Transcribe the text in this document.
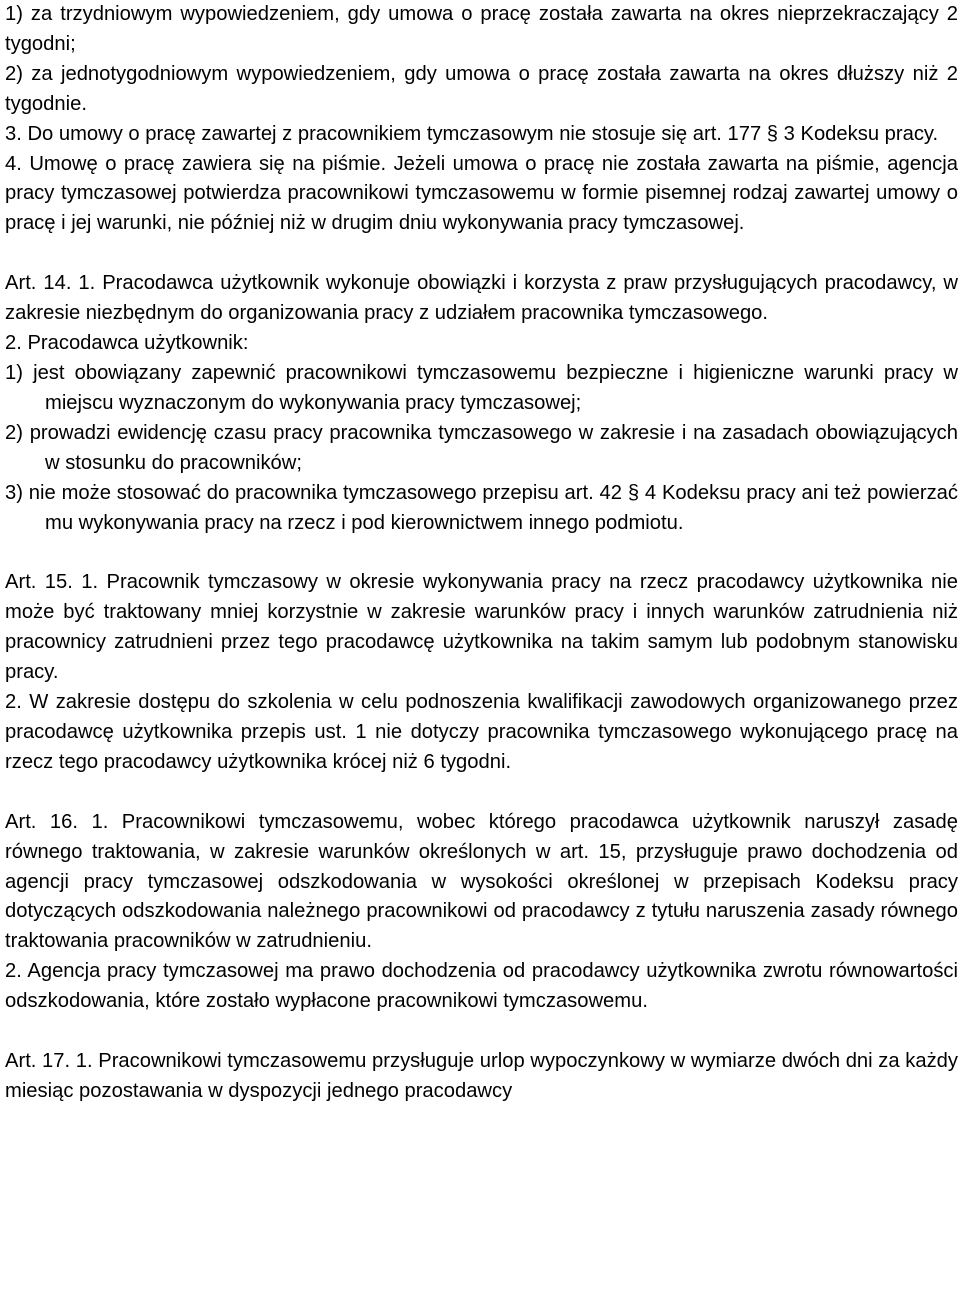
1) za trzydniowym wypowiedzeniem, gdy umowa o pracę została zawarta na okres nieprzekraczający 2 tygodni;

2) za jednotygodniowym wypowiedzeniem, gdy umowa o pracę została zawarta na okres dłuższy niż 2 tygodnie.

3. Do umowy o pracę zawartej z pracownikiem tymczasowym nie stosuje się art. 177 § 3 Kodeksu pracy.

4. Umowę o pracę zawiera się na piśmie. Jeżeli umowa o pracę nie została zawarta na piśmie, agencja pracy tymczasowej potwierdza pracownikowi tymczasowemu w formie pisemnej rodzaj zawartej umowy o pracę i jej warunki, nie później niż w drugim dniu wykonywania pracy tymczasowej.

Art. 14. 1. Pracodawca użytkownik wykonuje obowiązki i korzysta z praw przysługujących pracodawcy, w zakresie niezbędnym do organizowania pracy z udziałem pracownika tymczasowego.

2. Pracodawca użytkownik:

1) jest obowiązany zapewnić pracownikowi tymczasowemu bezpieczne i higieniczne warunki pracy w miejscu wyznaczonym do wykonywania pracy tymczasowej;

2) prowadzi ewidencję czasu pracy pracownika tymczasowego w zakresie i na zasadach obowiązujących w stosunku do pracowników;

3) nie może stosować do pracownika tymczasowego przepisu art. 42 § 4 Kodeksu pracy ani też powierzać mu wykonywania pracy na rzecz i pod kierownictwem innego podmiotu.

Art. 15. 1. Pracownik tymczasowy w okresie wykonywania pracy na rzecz pracodawcy użytkownika nie może być traktowany mniej korzystnie w zakresie warunków pracy i innych warunków zatrudnienia niż pracownicy zatrudnieni przez tego pracodawcę użytkownika na takim samym lub podobnym stanowisku pracy.

2. W zakresie dostępu do szkolenia w celu podnoszenia kwalifikacji zawodowych organizowanego przez pracodawcę użytkownika przepis ust. 1 nie dotyczy pracownika tymczasowego wykonującego pracę na rzecz tego pracodawcy użytkownika krócej niż 6 tygodni.

Art. 16. 1. Pracownikowi tymczasowemu, wobec którego pracodawca użytkownik naruszył zasadę równego traktowania, w zakresie warunków określonych w art. 15, przysługuje prawo dochodzenia od agencji pracy tymczasowej odszkodowania w wysokości określonej w przepisach Kodeksu pracy dotyczących odszkodowania należnego pracownikowi od pracodawcy z tytułu naruszenia zasady równego traktowania pracowników w zatrudnieniu.

2. Agencja pracy tymczasowej ma prawo dochodzenia od pracodawcy użytkownika zwrotu równowartości odszkodowania, które zostało wypłacone pracownikowi tymczasowemu.

Art. 17. 1. Pracownikowi tymczasowemu przysługuje urlop wypoczynkowy w wymiarze dwóch dni za każdy miesiąc pozostawania w dyspozycji jednego pracodawcy
